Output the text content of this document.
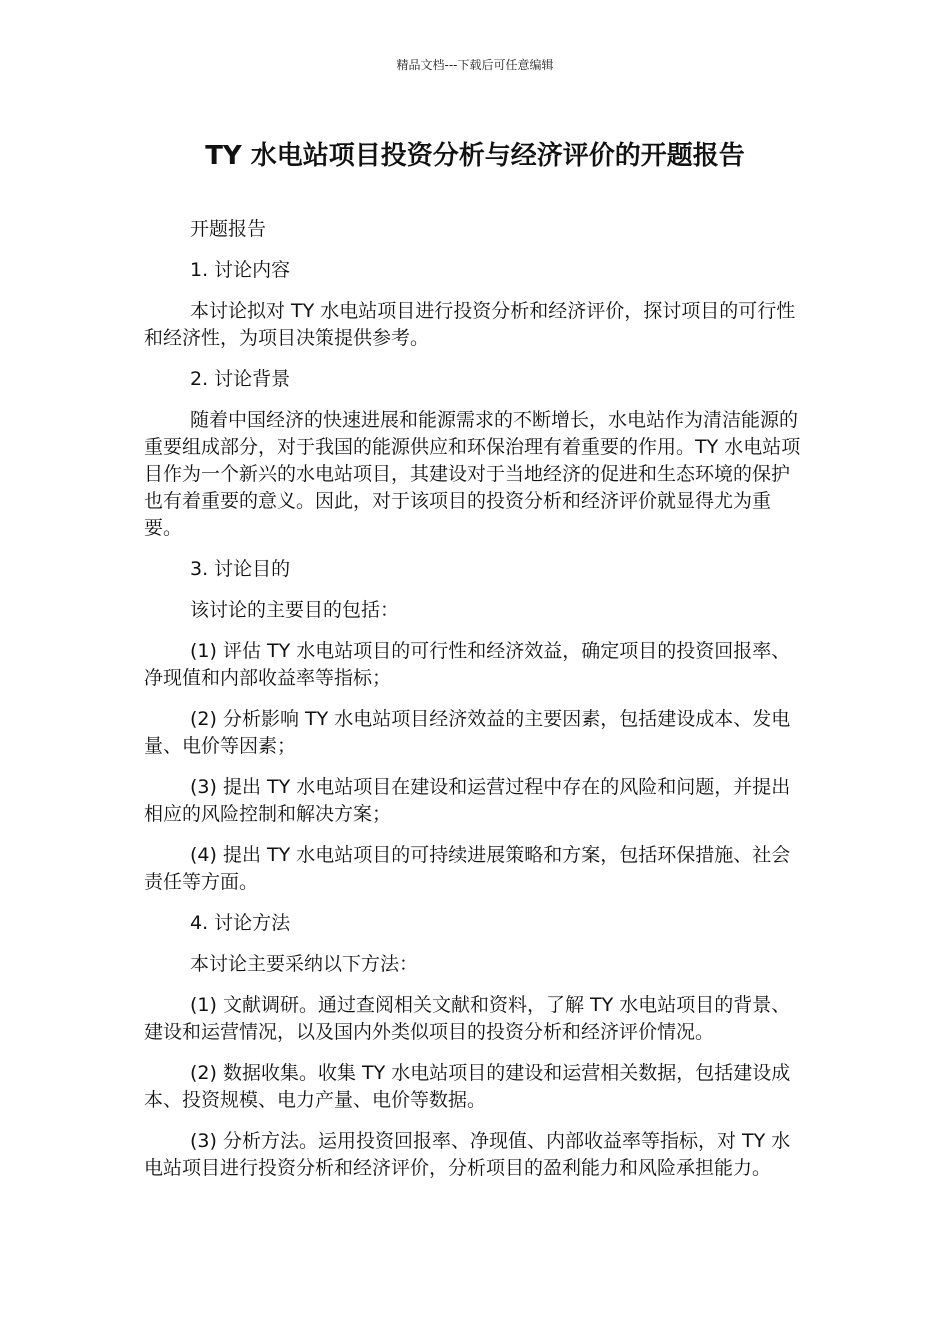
精品文档---下载后可任意编辑
TY 水电站项目投资分析与经济评价的开题报告

开题报告

1. 讨论内容

本讨论拟对 TY 水电站项目进行投资分析和经济评价，探讨项目的可行性和经济性，为项目决策提供参考。

2. 讨论背景

随着中国经济的快速进展和能源需求的不断增长，水电站作为清洁能源的重要组成部分，对于我国的能源供应和环保治理有着重要的作用。TY 水电站项目作为一个新兴的水电站项目，其建设对于当地经济的促进和生态环境的保护也有着重要的意义。因此，对于该项目的投资分析和经济评价就显得尤为重要。

3. 讨论目的

该讨论的主要目的包括：

(1) 评估 TY 水电站项目的可行性和经济效益，确定项目的投资回报率、净现值和内部收益率等指标；

(2) 分析影响 TY 水电站项目经济效益的主要因素，包括建设成本、发电量、电价等因素；

(3) 提出 TY 水电站项目在建设和运营过程中存在的风险和问题，并提出相应的风险控制和解决方案；

(4) 提出 TY 水电站项目的可持续进展策略和方案，包括环保措施、社会责任等方面。

4. 讨论方法

本讨论主要采纳以下方法：

(1) 文献调研。通过查阅相关文献和资料，了解 TY 水电站项目的背景、建设和运营情况，以及国内外类似项目的投资分析和经济评价情况。

(2) 数据收集。收集 TY 水电站项目的建设和运营相关数据，包括建设成本、投资规模、电力产量、电价等数据。

(3) 分析方法。运用投资回报率、净现值、内部收益率等指标，对 TY 水电站项目进行投资分析和经济评价，分析项目的盈利能力和风险承担能力。
